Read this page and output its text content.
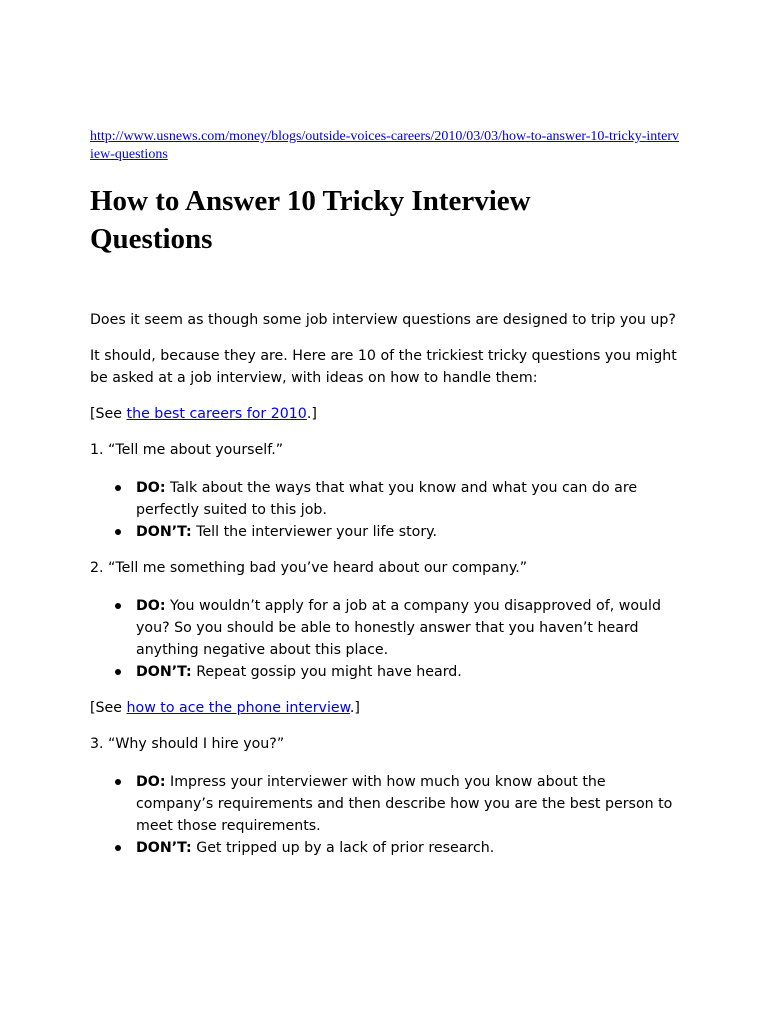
http://www.usnews.com/money/blogs/outside-voices-careers/2010/03/03/how-to-answer-10-tricky-interview-questions

How to Answer 10 Tricky Interview Questions

Does it seem as though some job interview questions are designed to trip you up?

It should, because they are. Here are 10 of the trickiest tricky questions you might be asked at a job interview, with ideas on how to handle them:

[See the best careers for 2010.]

1. “Tell me about yourself.”

DO: Talk about the ways that what you know and what you can do are perfectly suited to this job.
DON’T: Tell the interviewer your life story.

2. “Tell me something bad you’ve heard about our company.”

DO: You wouldn’t apply for a job at a company you disapproved of, would you? So you should be able to honestly answer that you haven’t heard anything negative about this place.
DON’T: Repeat gossip you might have heard.

[See how to ace the phone interview.]

3. “Why should I hire you?”

DO: Impress your interviewer with how much you know about the company’s requirements and then describe how you are the best person to meet those requirements.
DON’T: Get tripped up by a lack of prior research.
